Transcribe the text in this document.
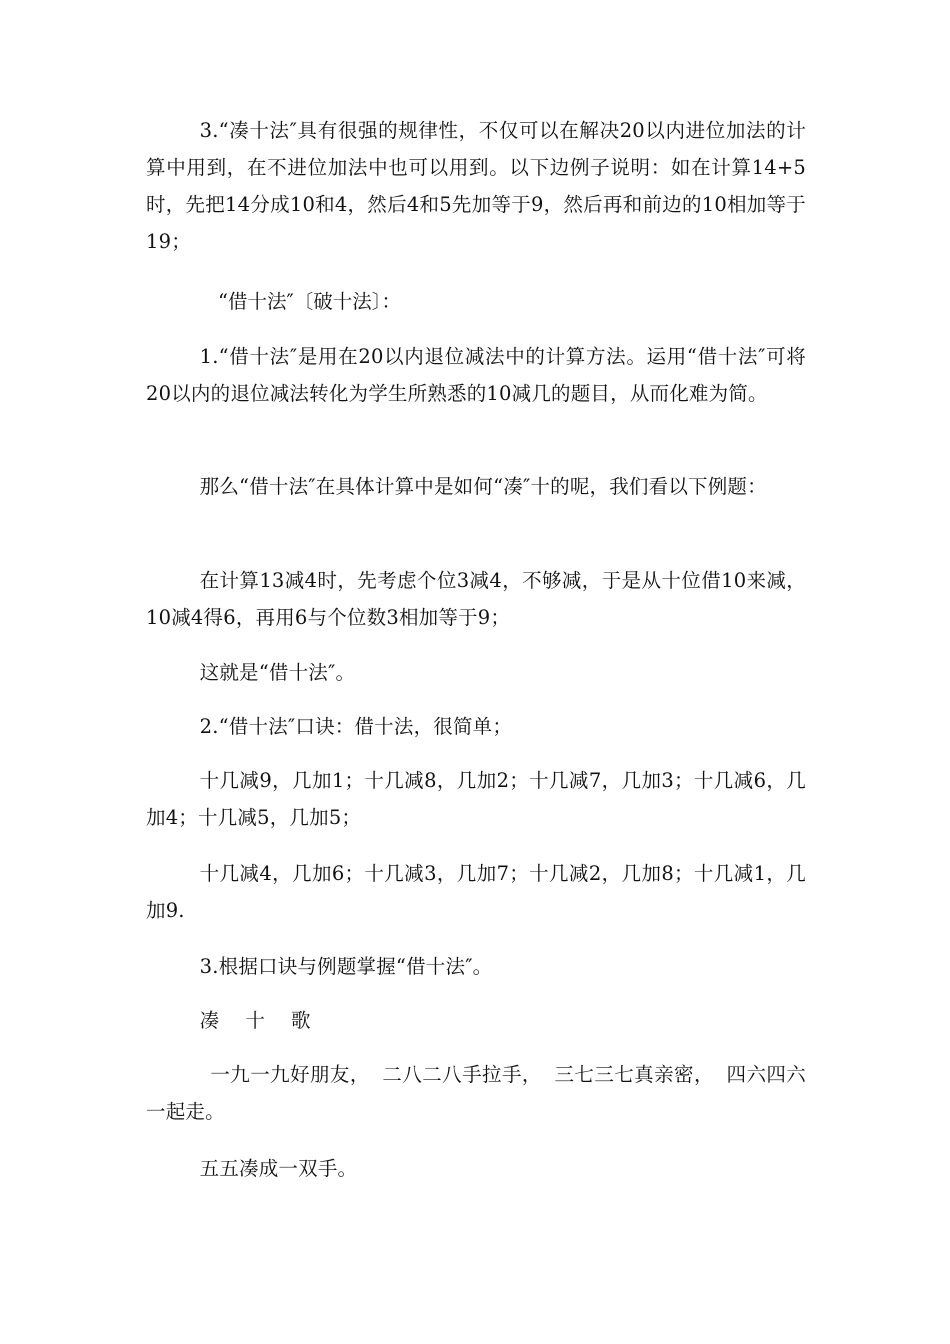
3.“凑十法″具有很强的规律性，不仅可以在解决20以内进位加法的计算中用到，在不进位加法中也可以用到。以下边例子说明：如在计算14+5时，先把14分成10和4，然后4和5先加等于9，然后再和前边的10相加等于19；

“借十法″〔破十法〕：

1.“借十法″是用在20以内退位减法中的计算方法。运用“借十法″可将20以内的退位减法转化为学生所熟悉的10减几的题目，从而化难为简。

那么“借十法″在具体计算中是如何“凑″十的呢，我们看以下例题：

在计算13减4时，先考虑个位3减4，不够减，于是从十位借10来减，10减4得6，再用6与个位数3相加等于9；

这就是“借十法″。

2.“借十法″口诀：借十法，很简单；

十几减9，几加1；十几减8，几加2；十几减7，几加3；十几减6，几加4；十几减5，几加5；

十几减4，几加6；十几减3，几加7；十几减2，几加8；十几减1，几加9.

3.根据口诀与例题掌握“借十法″。

凑 十 歌

一九一九好朋友， 二八二八手拉手， 三七三七真亲密， 四六四六一起走。

五五凑成一双手。
